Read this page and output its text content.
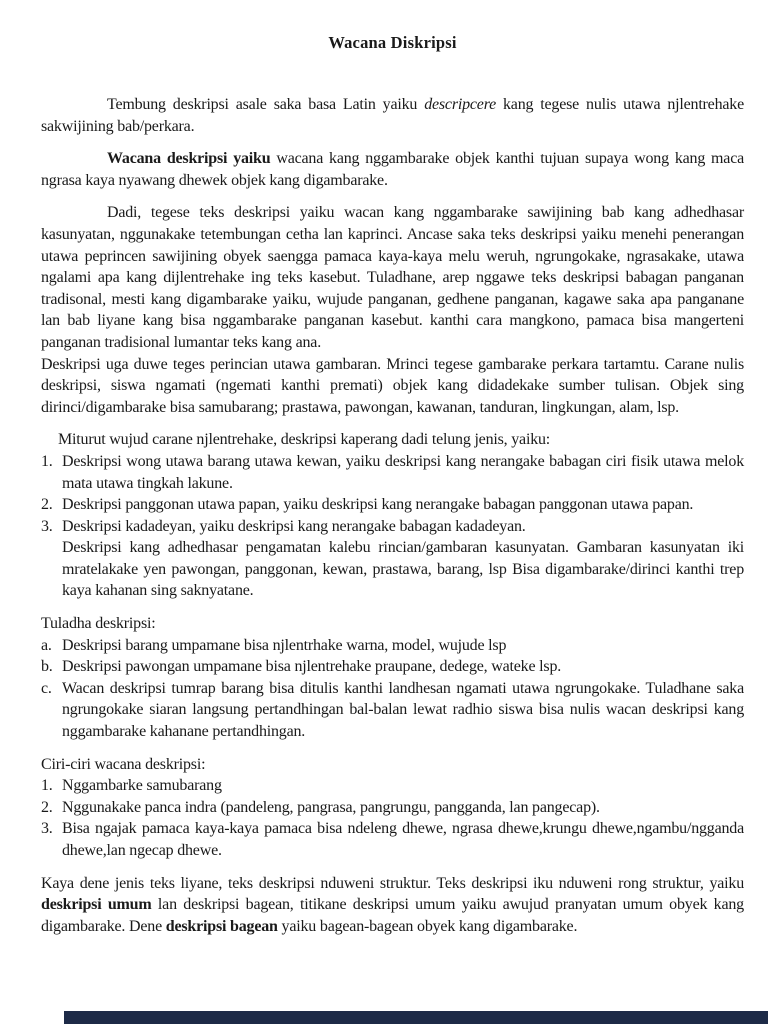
Wacana Diskripsi
Tembung deskripsi asale saka basa Latin yaiku descripcere kang tegese nulis utawa njlentrehake sakwijining bab/perkara.
Wacana deskripsi yaiku wacana kang nggambarake objek kanthi tujuan supaya wong kang maca ngrasa kaya nyawang dhewek objek kang digambarake.
Dadi, tegese teks deskripsi yaiku wacan kang nggambarake sawijining bab kang adhedhasar kasunyatan, nggunakake tetembungan cetha lan kaprinci. Ancase saka teks deskripsi yaiku menehi penerangan utawa peprincen sawijining obyek saengga pamaca kaya-kaya melu weruh, ngrungokake, ngrasakake, utawa ngalami apa kang dijlentrehake ing teks kasebut. Tuladhane, arep nggawe teks deskripsi babagan panganan tradisonal, mesti kang digambarake yaiku, wujude panganan, gedhene panganan, kagawe saka apa panganane lan bab liyane kang bisa nggambarake panganan kasebut. kanthi cara mangkono, pamaca bisa mangerteni panganan tradisional lumantar teks kang ana.
Deskripsi uga duwe teges perincian utawa gambaran. Mrinci tegese gambarake perkara tartamtu. Carane nulis deskripsi, siswa ngamati (ngemati kanthi premati) objek kang didadekake sumber tulisan. Objek sing dirinci/digambarake bisa samubarang; prastawa, pawongan, kawanan, tanduran, lingkungan, alam, lsp.
Miturut wujud carane njlentrehake, deskripsi kaperang dadi telung jenis, yaiku:
1. Deskripsi wong utawa barang utawa kewan, yaiku deskripsi kang nerangake babagan ciri fisik utawa melok mata utawa tingkah lakune.
2. Deskripsi panggonan utawa papan, yaiku deskripsi kang nerangake babagan panggonan utawa papan.
3. Deskripsi kadadeyan, yaiku deskripsi kang nerangake babagan kadadeyan.
Deskripsi kang adhedhasar pengamatan kalebu rincian/gambaran kasunyatan. Gambaran kasunyatan iki mratelakake yen pawongan, panggonan, kewan, prastawa, barang, lsp Bisa digambarake/dirinci kanthi trep kaya kahanan sing saknyatane.
Tuladha deskripsi:
a. Deskripsi barang umpamane bisa njlentrhake warna, model, wujude lsp
b. Deskripsi pawongan umpamane bisa njlentrehake praupane, dedege, wateke lsp.
c. Wacan deskripsi tumrap barang bisa ditulis kanthi landhesan ngamati utawa ngrungokake. Tuladhane saka ngrungokake siaran langsung pertandhingan bal-balan lewat radhio siswa bisa nulis wacan deskripsi kang nggambarake kahanane pertandhingan.
Ciri-ciri wacana deskripsi:
1. Nggambarke samubarang
2. Nggunakake panca indra (pandeleng, pangrasa, pangrungu, pangganda, lan pangecap).
3. Bisa ngajak pamaca kaya-kaya pamaca bisa ndeleng dhewe, ngrasa dhewe,krungu dhewe,ngambu/ngganda dhewe,lan ngecap dhewe.
Kaya dene jenis teks liyane, teks deskripsi nduweni struktur. Teks deskripsi iku nduweni rong struktur, yaiku deskripsi umum lan deskripsi bagean, titikane deskripsi umum yaiku awujud pranyatan umum obyek kang digambarake. Dene deskripsi bagean yaiku bagean-bagean obyek kang digambarake.
